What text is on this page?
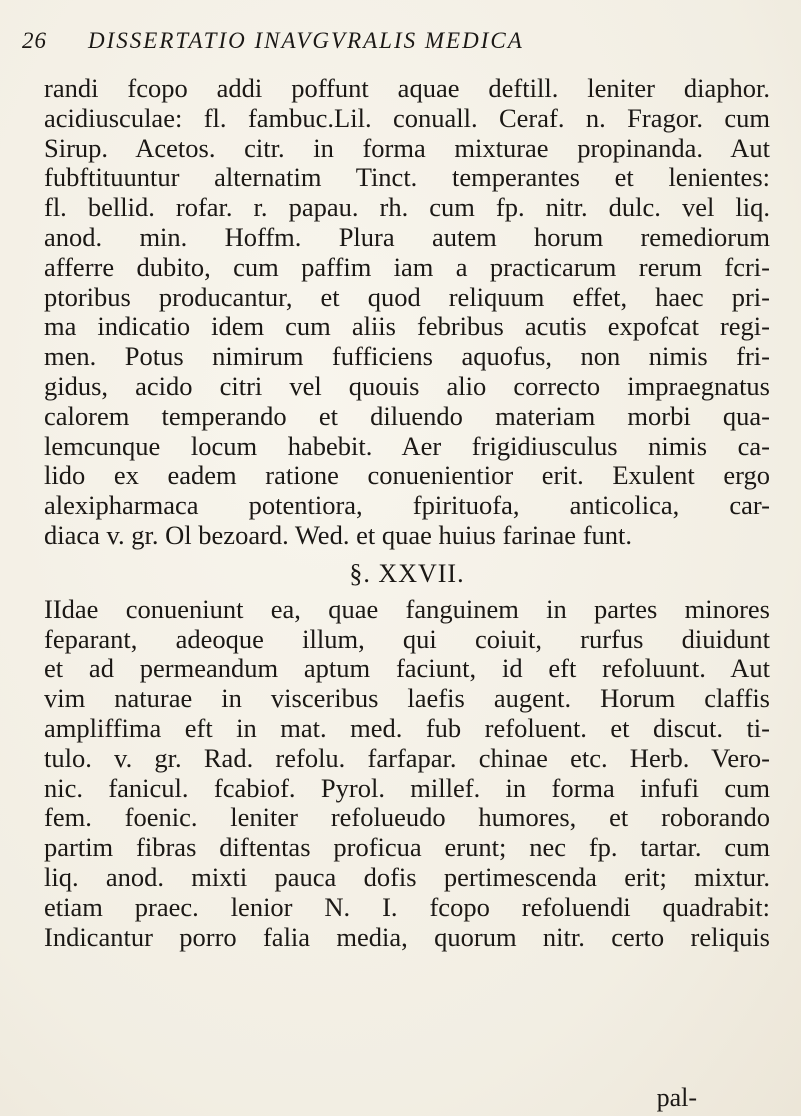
26 DISSERTATIO INAVGVRALIS MEDICA
randi fcopo addi poffunt aquae deftill. leniter diaphor.
acidiusculae: fl. fambuc.Lil. conuall. Ceraf. n. Fragor. cum
Sirup. Acetos. citr. in forma mixturae propinanda. Aut
fubftituuntur alternatim Tinct. temperantes et lenientes:
fl. bellid. rofar. r. papau. rh. cum fp. nitr. dulc. vel liq.
anod. min. Hoffm. Plura autem horum remediorum
afferre dubito, cum paffim iam a practicarum rerum fcri-
ptoribus producantur, et quod reliquum effet, haec pri-
ma indicatio idem cum aliis febribus acutis expofcat regi-
men. Potus nimirum fufficiens aquofus, non nimis fri-
gidus, acido citri vel quouis alio correcto impraegnatus
calorem temperando et diluendo materiam morbi qua-
lemcunque locum habebit. Aer frigidiusculus nimis ca-
lido ex eadem ratione conuenientior erit. Exulent ergo
alexipharmaca potentiora, fpirituofa, anticolica, car-
diaca v. gr. Ol bezoard. Wed. et quae huius farinae funt.
§. XXVII.
IIdae conueniunt ea, quae fanguinem in partes minores
feparant, adeoque illum, qui coiuit, rurfus diuidunt
et ad permeandum aptum faciunt, id eft refoluunt. Aut
vim naturae in visceribus laefis augent. Horum claffis
ampliffima eft in mat. med. fub refoluent. et discut. ti-
tulo. v. gr. Rad. refolu. farfapar. chinae etc. Herb. Vero-
nic. fanicul. fcabiof. Pyrol. millef. in forma infufi cum
fem. foenic. leniter refolueudo humores, et roborando
partim fibras diftentas proficua erunt; nec fp. tartar. cum
liq. anod. mixti pauca dofis pertimescenda erit; mixtur.
etiam praec. lenior N. I. fcopo refoluendi quadrabit:
Indicantur porro falia media, quorum nitr. certo reliquis
pal-
